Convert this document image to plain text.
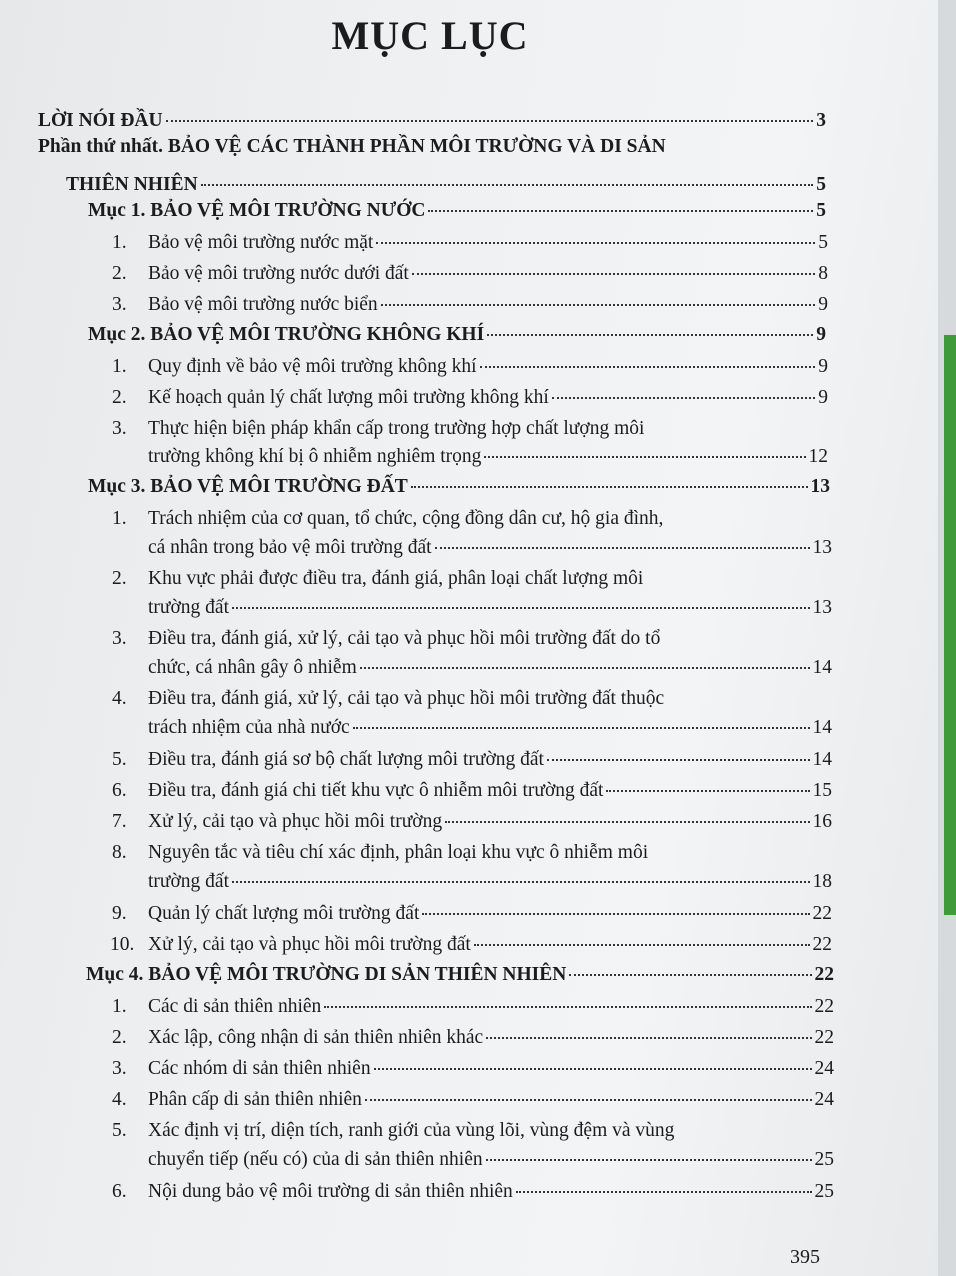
MỤC LỤC
LỜI NÓI ĐẦU	3
Phần thứ nhất. BẢO VỆ CÁC THÀNH PHẦN MÔI TRƯỜNG VÀ DI SẢN
THIÊN NHIÊN	5
Mục 1. BẢO VỆ MÔI TRƯỜNG NƯỚC	5
1. Bảo vệ môi trường nước mặt	5
2. Bảo vệ môi trường nước dưới đất	8
3. Bảo vệ môi trường nước biển	9
Mục 2. BẢO VỆ MÔI TRƯỜNG KHÔNG KHÍ	9
1. Quy định về bảo vệ môi trường không khí	9
2. Kế hoạch quản lý chất lượng môi trường không khí	9
3. Thực hiện biện pháp khẩn cấp trong trường hợp chất lượng môi
trường không khí bị ô nhiễm nghiêm trọng	12
Mục 3. BẢO VỆ MÔI TRƯỜNG ĐẤT	13
1. Trách nhiệm của cơ quan, tổ chức, cộng đồng dân cư, hộ gia đình,
cá nhân trong bảo vệ môi trường đất	13
2. Khu vực phải được điều tra, đánh giá, phân loại chất lượng môi
trường đất	13
3. Điều tra, đánh giá, xử lý, cải tạo và phục hồi môi trường đất do tổ
chức, cá nhân gây ô nhiễm	14
4. Điều tra, đánh giá, xử lý, cải tạo và phục hồi môi trường đất thuộc
trách nhiệm của nhà nước	14
5. Điều tra, đánh giá sơ bộ chất lượng môi trường đất	14
6. Điều tra, đánh giá chi tiết khu vực ô nhiễm môi trường đất	15
7. Xử lý, cải tạo và phục hồi môi trường	16
8. Nguyên tắc và tiêu chí xác định, phân loại khu vực ô nhiễm môi
trường đất	18
9. Quản lý chất lượng môi trường đất	22
10. Xử lý, cải tạo và phục hồi môi trường đất	22
Mục 4. BẢO VỆ MÔI TRƯỜNG DI SẢN THIÊN NHIÊN	22
1. Các di sản thiên nhiên	22
2. Xác lập, công nhận di sản thiên nhiên khác	22
3. Các nhóm di sản thiên nhiên	24
4. Phân cấp di sản thiên nhiên	24
5. Xác định vị trí, diện tích, ranh giới của vùng lõi, vùng đệm và vùng
chuyển tiếp (nếu có) của di sản thiên nhiên	25
6. Nội dung bảo vệ môi trường di sản thiên nhiên	25
395
